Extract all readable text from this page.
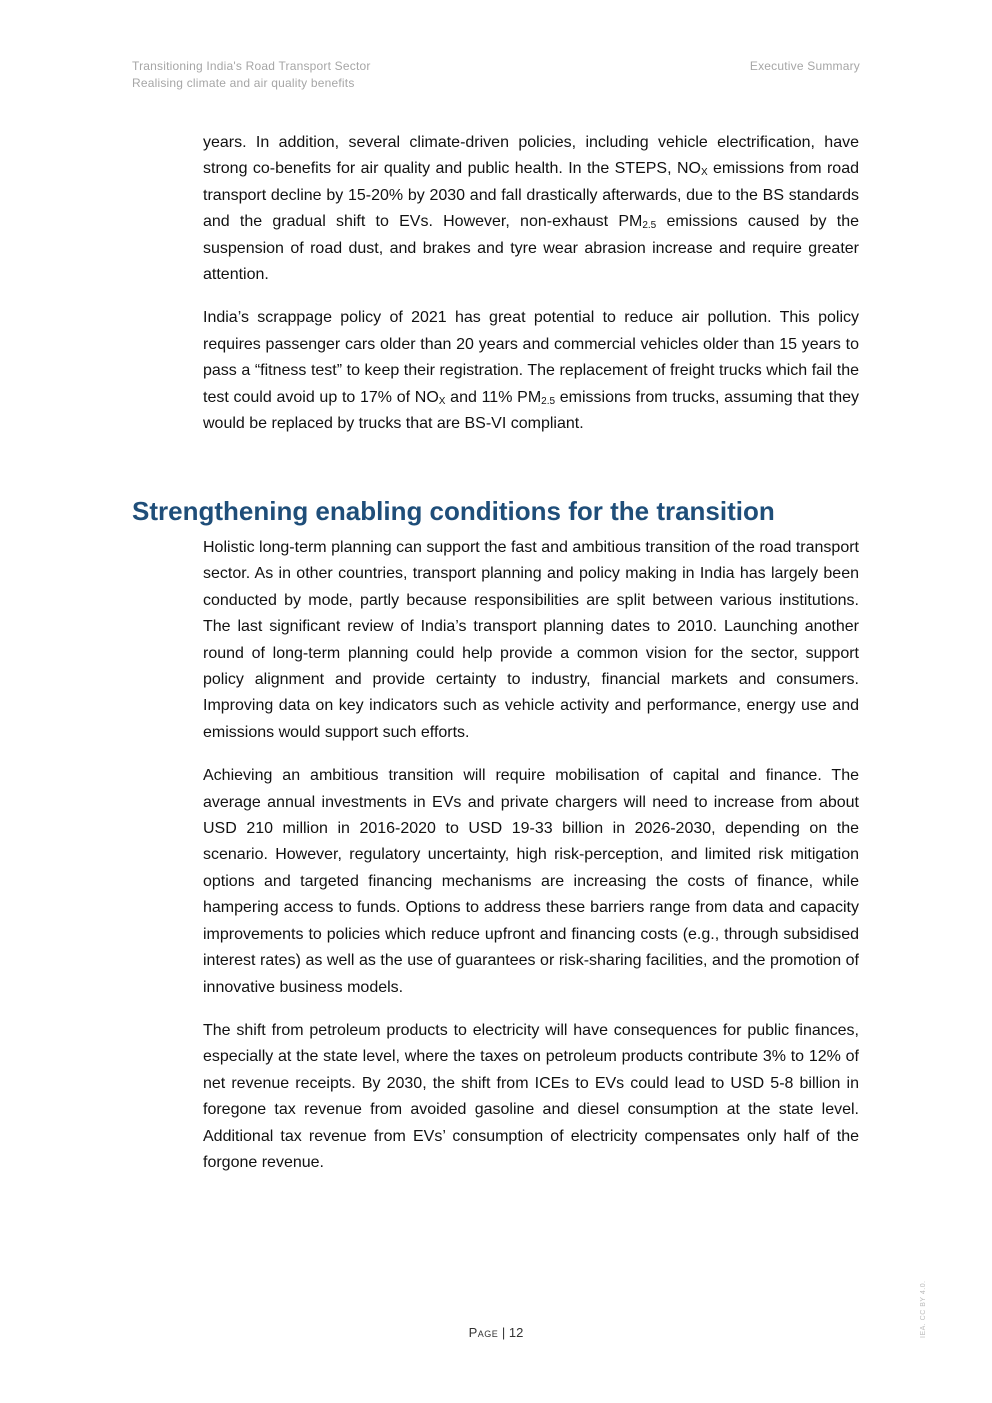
Transitioning India's Road Transport Sector
Realising climate and air quality benefits
Executive Summary

years. In addition, several climate-driven policies, including vehicle electrification, have strong co-benefits for air quality and public health. In the STEPS, $NO_X$ emissions from road transport decline by 15-20% by 2030 and fall drastically afterwards, due to the BS standards and the gradual shift to EVs. However, non-exhaust $PM_{2.5}$ emissions caused by the suspension of road dust, and brakes and tyre wear abrasion increase and require greater attention.

India’s scrappage policy of 2021 has great potential to reduce air pollution. This policy requires passenger cars older than 20 years and commercial vehicles older than 15 years to pass a “fitness test” to keep their registration. The replacement of freight trucks which fail the test could avoid up to 17% of $NO_X$ and 11% $PM_{2.5}$ emissions from trucks, assuming that they would be replaced by trucks that are BS-VI compliant.

Strengthening enabling conditions for the transition

Holistic long-term planning can support the fast and ambitious transition of the road transport sector. As in other countries, transport planning and policy making in India has largely been conducted by mode, partly because responsibilities are split between various institutions. The last significant review of India’s transport planning dates to 2010. Launching another round of long-term planning could help provide a common vision for the sector, support policy alignment and provide certainty to industry, financial markets and consumers. Improving data on key indicators such as vehicle activity and performance, energy use and emissions would support such efforts.

Achieving an ambitious transition will require mobilisation of capital and finance. The average annual investments in EVs and private chargers will need to increase from about USD 210 million in 2016-2020 to USD 19-33 billion in 2026-2030, depending on the scenario. However, regulatory uncertainty, high risk-perception, and limited risk mitigation options and targeted financing mechanisms are increasing the costs of finance, while hampering access to funds. Options to address these barriers range from data and capacity improvements to policies which reduce upfront and financing costs (e.g., through subsidised interest rates) as well as the use of guarantees or risk-sharing facilities, and the promotion of innovative business models.

The shift from petroleum products to electricity will have consequences for public finances, especially at the state level, where the taxes on petroleum products contribute 3% to 12% of net revenue receipts. By 2030, the shift from ICEs to EVs could lead to USD 5-8 billion in foregone tax revenue from avoided gasoline and diesel consumption at the state level. Additional tax revenue from EVs’ consumption of electricity compensates only half of the forgone revenue.

Page | 12	IEA. CC BY 4.0.
